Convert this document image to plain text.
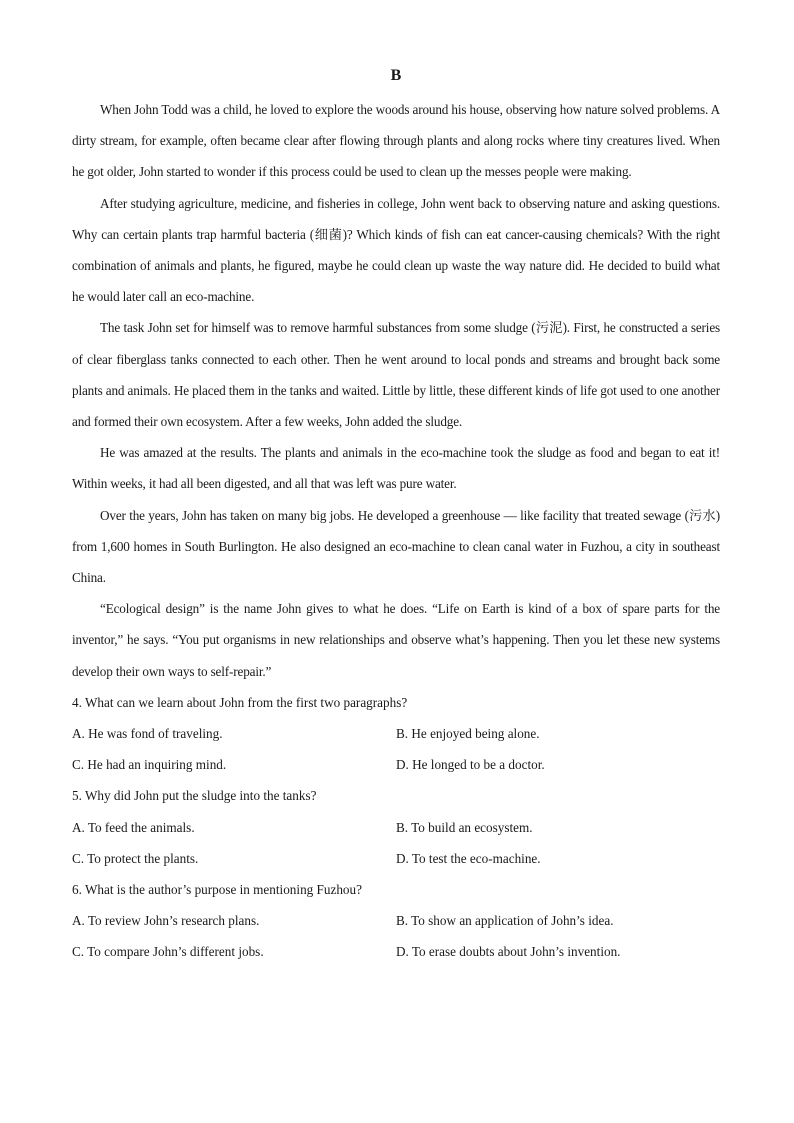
B

When John Todd was a child, he loved to explore the woods around his house, observing how nature solved problems. A dirty stream, for example, often became clear after flowing through plants and along rocks where tiny creatures lived. When he got older, John started to wonder if this process could be used to clean up the messes people were making.

After studying agriculture, medicine, and fisheries in college, John went back to observing nature and asking questions. Why can certain plants trap harmful bacteria (细菌)? Which kinds of fish can eat cancer-causing chemicals? With the right combination of animals and plants, he figured, maybe he could clean up waste the way nature did. He decided to build what he would later call an eco-machine.

The task John set for himself was to remove harmful substances from some sludge (污泥). First, he constructed a series of clear fiberglass tanks connected to each other. Then he went around to local ponds and streams and brought back some plants and animals. He placed them in the tanks and waited. Little by little, these different kinds of life got used to one another and formed their own ecosystem. After a few weeks, John added the sludge.

He was amazed at the results. The plants and animals in the eco-machine took the sludge as food and began to eat it! Within weeks, it had all been digested, and all that was left was pure water.

Over the years, John has taken on many big jobs. He developed a greenhouse — like facility that treated sewage (污水) from 1,600 homes in South Burlington. He also designed an eco-machine to clean canal water in Fuzhou, a city in southeast China.

“Ecological design” is the name John gives to what he does. “Life on Earth is kind of a box of spare parts for the inventor,” he says. “You put organisms in new relationships and observe what’s happening. Then you let these new systems develop their own ways to self-repair.”

4. What can we learn about John from the first two paragraphs?

A. He was fond of traveling.	B. He enjoyed being alone.

C. He had an inquiring mind.	D. He longed to be a doctor.

5. Why did John put the sludge into the tanks?

A. To feed the animals.	B. To build an ecosystem.

C. To protect the plants.	D. To test the eco-machine.

6. What is the author’s purpose in mentioning Fuzhou?

A. To review John’s research plans.	B. To show an application of John’s idea.

C. To compare John’s different jobs.	D. To erase doubts about John’s invention.
